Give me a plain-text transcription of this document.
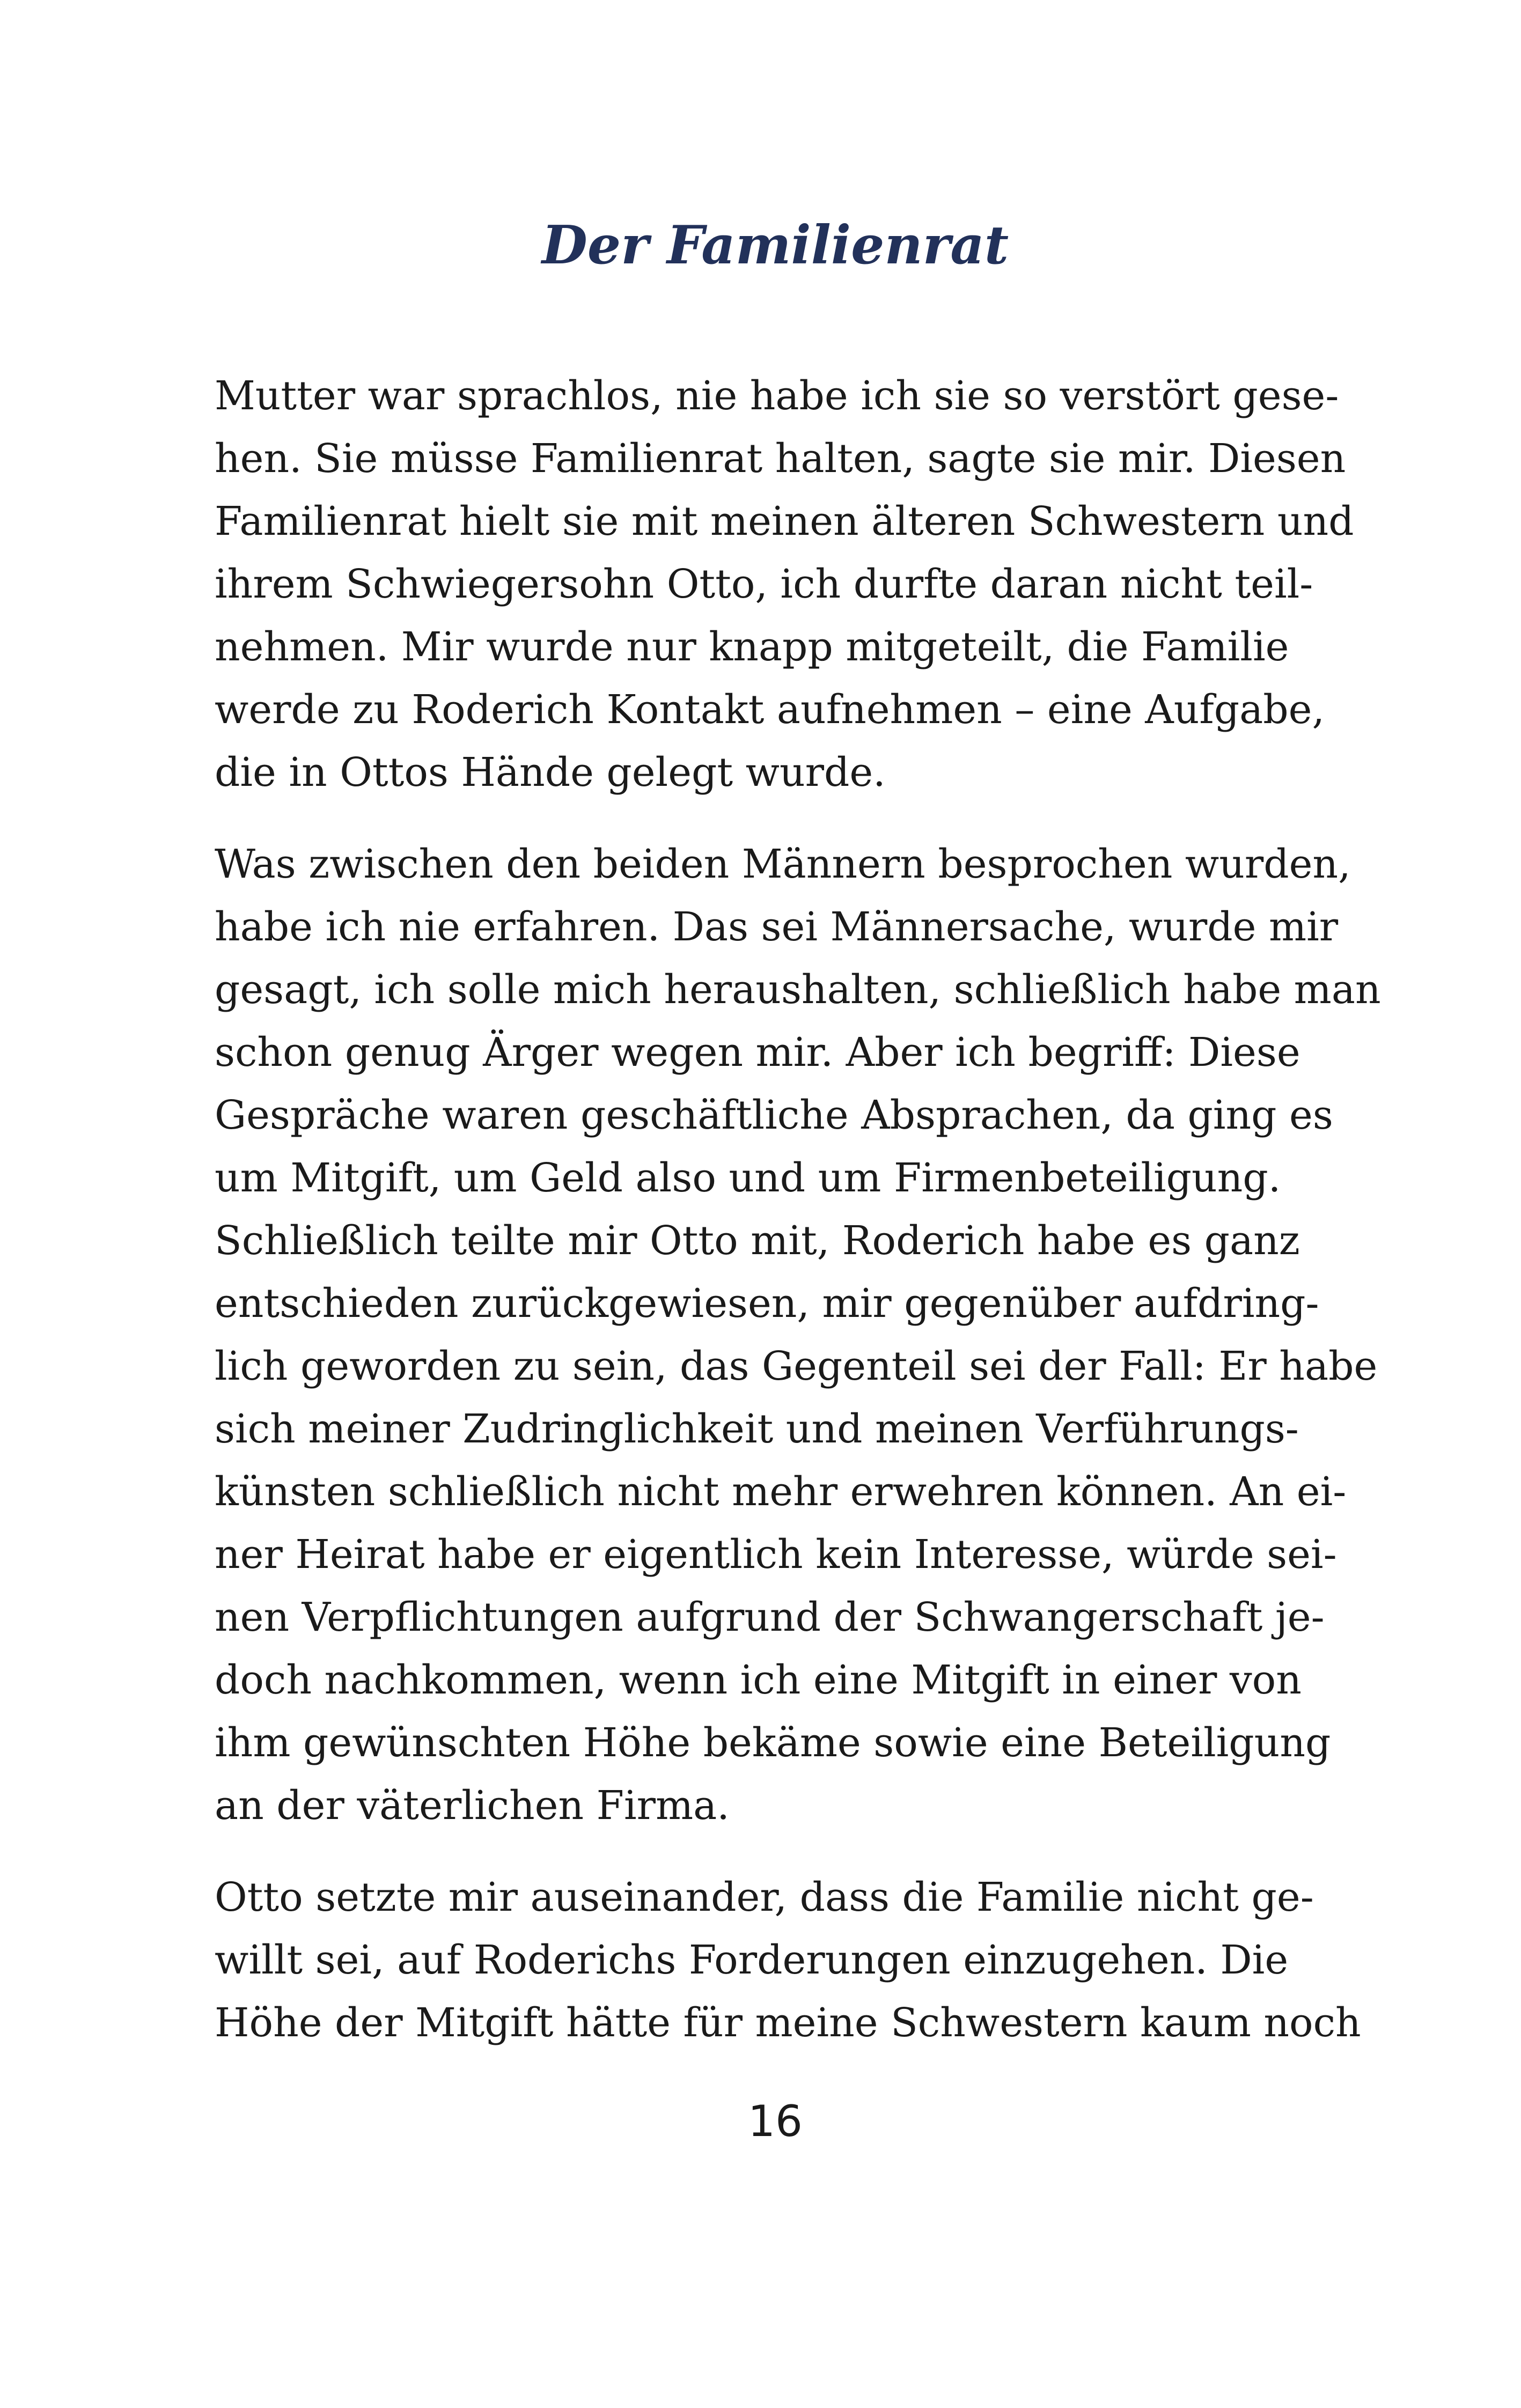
Der Familienrat
Mutter war sprachlos, nie habe ich sie so verstört gese-
hen. Sie müsse Familienrat halten, sagte sie mir. Diesen
Familienrat hielt sie mit meinen älteren Schwestern und
ihrem Schwiegersohn Otto, ich durfte daran nicht teil-
nehmen. Mir wurde nur knapp mitgeteilt, die Familie
werde zu Roderich Kontakt aufnehmen – eine Aufgabe,
die in Ottos Hände gelegt wurde.
Was zwischen den beiden Männern besprochen wurden,
habe ich nie erfahren. Das sei Männersache, wurde mir
gesagt, ich solle mich heraushalten, schließlich habe man
schon genug Ärger wegen mir. Aber ich begriff: Diese
Gespräche waren geschäftliche Absprachen, da ging es
um Mitgift, um Geld also und um Firmenbeteiligung.
Schließlich teilte mir Otto mit, Roderich habe es ganz
entschieden zurückgewiesen, mir gegenüber aufdring-
lich geworden zu sein, das Gegenteil sei der Fall: Er habe
sich meiner Zudringlichkeit und meinen Verführungs-
künsten schließlich nicht mehr erwehren können. An ei-
ner Heirat habe er eigentlich kein Interesse, würde sei-
nen Verpflichtungen aufgrund der Schwangerschaft je-
doch nachkommen, wenn ich eine Mitgift in einer von
ihm gewünschten Höhe bekäme sowie eine Beteiligung
an der väterlichen Firma.
Otto setzte mir auseinander, dass die Familie nicht ge-
willt sei, auf Roderichs Forderungen einzugehen. Die
Höhe der Mitgift hätte für meine Schwestern kaum noch
16
